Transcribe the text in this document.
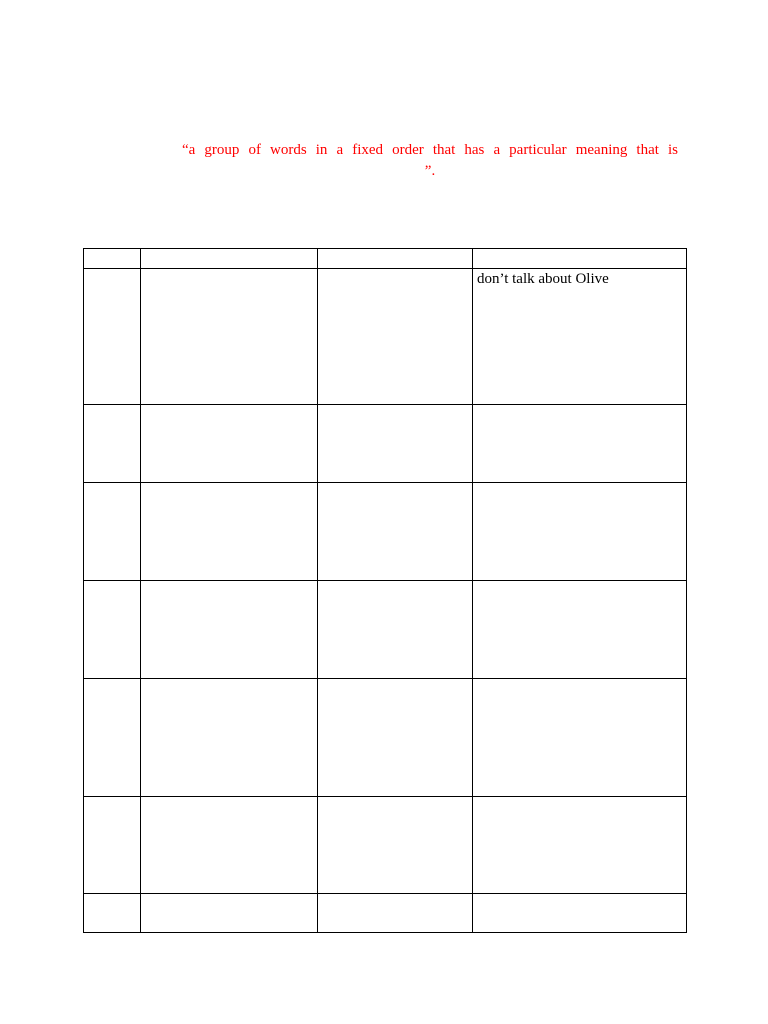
“a group of words in a fixed order that has a particular meaning that is
”.

			don’t talk about Olive
